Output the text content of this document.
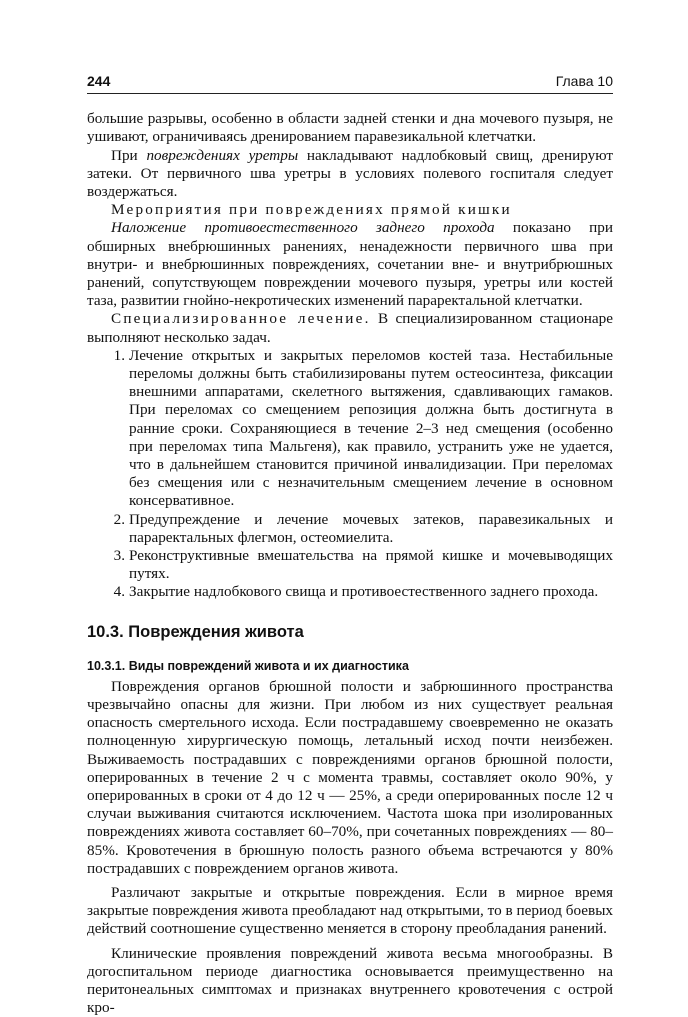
244	Глава 10

большие разрывы, особенно в области задней стенки и дна мочевого пузыря, не ушивают, ограничиваясь дренированием паравезикальной клетчатки.

При повреждениях уретры накладывают надлобковый свищ, дренируют затеки. От первичного шва уретры в условиях полевого госпиталя следует воздержаться.

Мероприятия при повреждениях прямой кишки

Наложение противоестественного заднего прохода показано при обширных внебрюшинных ранениях, ненадежности первичного шва при внутри- и внебрюшинных повреждениях, сочетании вне- и внутрибрюшных ранений, сопутствующем повреждении мочевого пузыря, уретры или костей таза, развитии гнойно-некротических изменений параректальной клетчатки.

Специализированное лечение. В специализированном стационаре выполняют несколько задач.

1. Лечение открытых и закрытых переломов костей таза. Нестабильные переломы должны быть стабилизированы путем остеосинтеза, фиксации внешними аппаратами, скелетного вытяжения, сдавливающих гамаков. При переломах со смещением репозиция должна быть достигнута в ранние сроки. Сохраняющиеся в течение 2–3 нед смещения (особенно при переломах типа Мальгеня), как правило, устранить уже не удается, что в дальнейшем становится причиной инвалидизации. При переломах без смещения или с незначительным смещением лечение в основном консервативное.
2. Предупреждение и лечение мочевых затеков, паравезикальных и параректальных флегмон, остеомиелита.
3. Реконструктивные вмешательства на прямой кишке и мочевыводящих путях.
4. Закрытие надлобкового свища и противоестественного заднего прохода.
10.3. Повреждения живота
10.3.1. Виды повреждений живота и их диагностика

Повреждения органов брюшной полости и забрюшинного пространства чрезвычайно опасны для жизни. При любом из них существует реальная опасность смертельного исхода. Если пострадавшему своевременно не оказать полноценную хирургическую помощь, летальный исход почти неизбежен. Выживаемость пострадавших с повреждениями органов брюшной полости, оперированных в течение 2 ч с момента травмы, составляет около 90%, у оперированных в сроки от 4 до 12 ч — 25%, а среди оперированных после 12 ч случаи выживания считаются исключением. Частота шока при изолированных повреждениях живота составляет 60–70%, при сочетанных повреждениях — 80–85%. Кровотечения в брюшную полость разного объема встречаются у 80% пострадавших с повреждением органов живота.

Различают закрытые и открытые повреждения. Если в мирное время закрытые повреждения живота преобладают над открытыми, то в период боевых действий соотношение существенно меняется в сторону преобладания ранений.

Клинические проявления повреждений живота весьма многообразны. В догоспитальном периоде диагностика основывается преимущественно на перитонеальных симптомах и признаках внутреннего кровотечения с острой кро-
